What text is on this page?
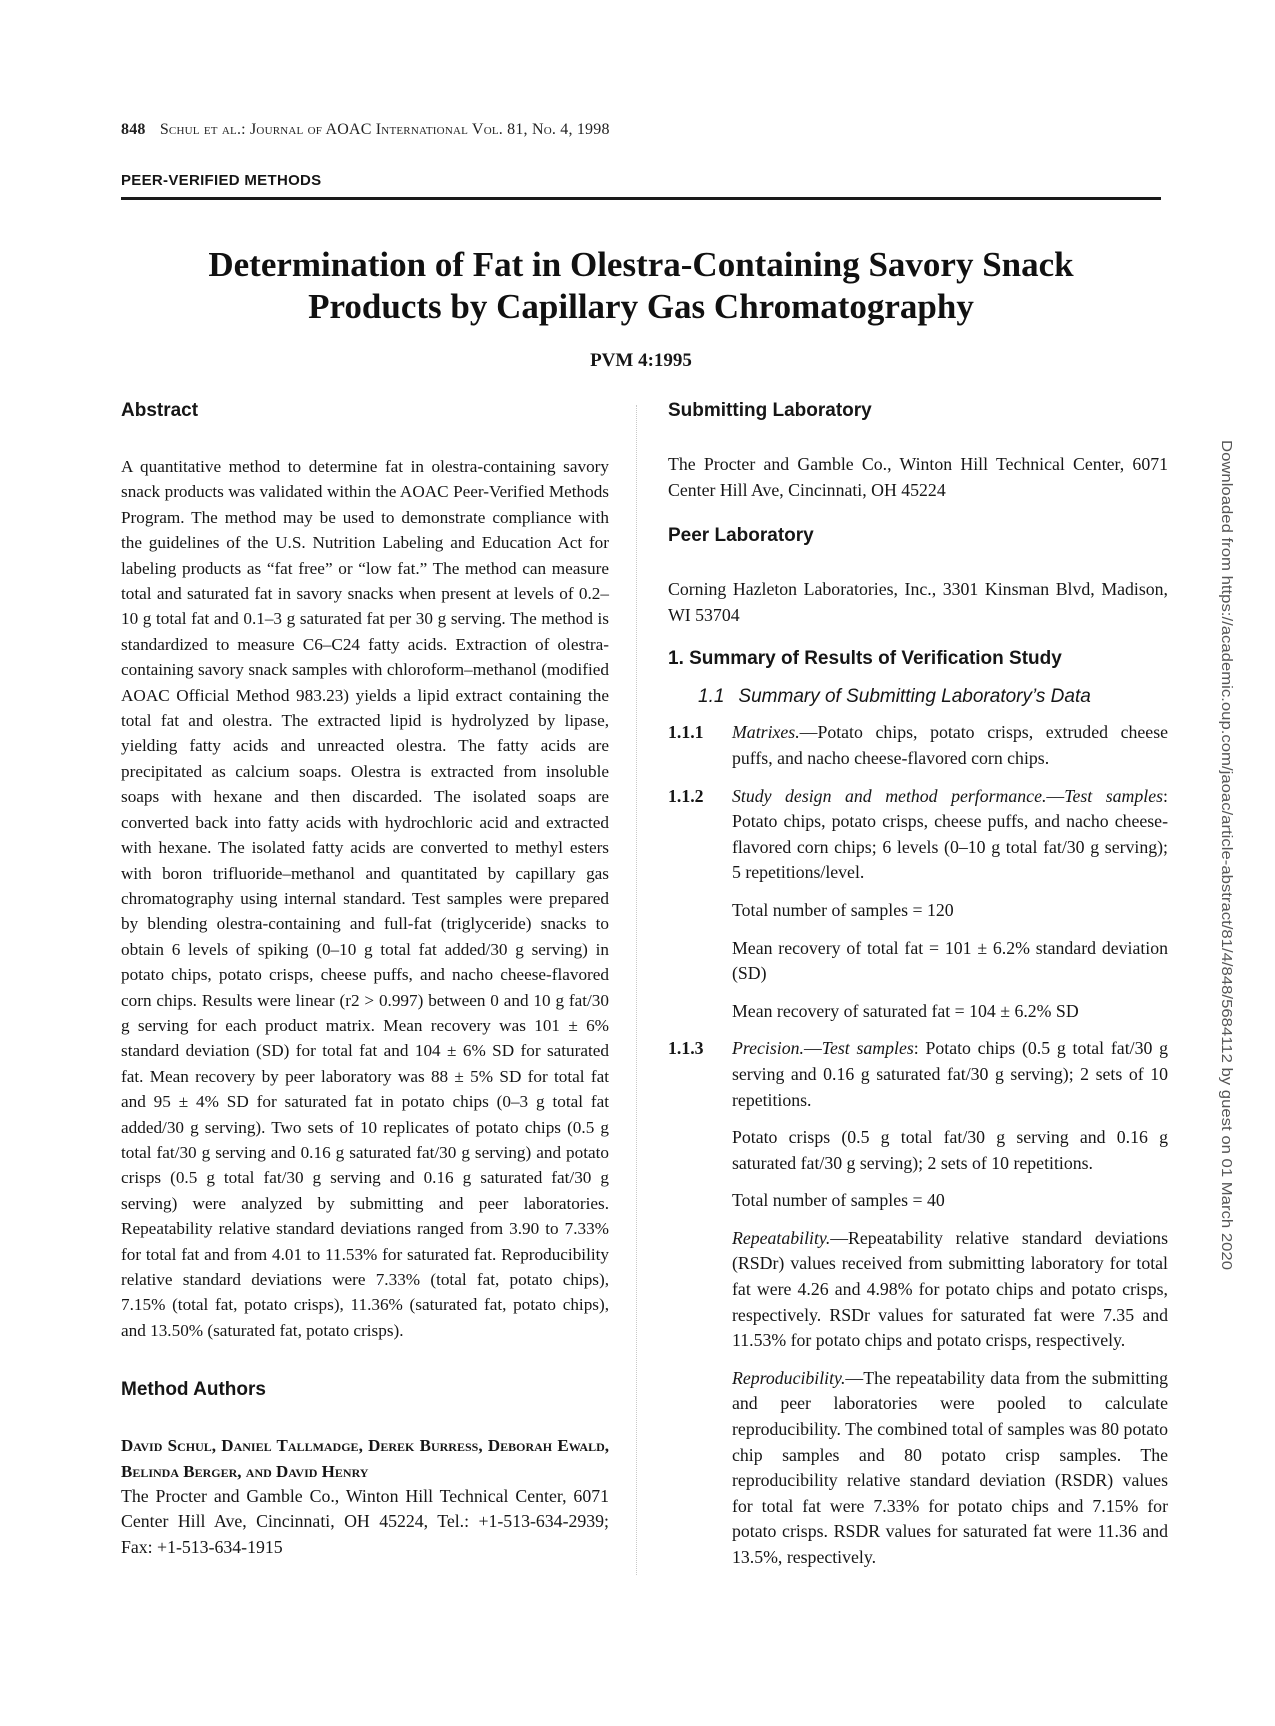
848 Schul et al.: Journal of AOAC International Vol. 81, No. 4, 1998
PEER-VERIFIED METHODS
Determination of Fat in Olestra-Containing Savory Snack
Products by Capillary Gas Chromatography
PVM 4:1995
Abstract

A quantitative method to determine fat in olestra-containing savory snack products was validated within the AOAC Peer-Verified Methods Program. The method may be used to demonstrate compliance with the guidelines of the U.S. Nutrition Labeling and Education Act for labeling products as “fat free” or “low fat.” The method can measure total and saturated fat in savory snacks when present at levels of 0.2–10 g total fat and 0.1–3 g saturated fat per 30 g serving. The method is standardized to measure C6–C24 fatty acids. Extraction of olestra-containing savory snack samples with chloroform–methanol (modified AOAC Official Method 983.23) yields a lipid extract containing the total fat and olestra. The extracted lipid is hydrolyzed by lipase, yielding fatty acids and unreacted olestra. The fatty acids are precipitated as calcium soaps. Olestra is extracted from insoluble soaps with hexane and then discarded. The isolated soaps are converted back into fatty acids with hydrochloric acid and extracted with hexane. The isolated fatty acids are converted to methyl esters with boron trifluoride–methanol and quantitated by capillary gas chromatography using internal standard. Test samples were prepared by blending olestra-containing and full-fat (triglyceride) snacks to obtain 6 levels of spiking (0–10 g total fat added/30 g serving) in potato chips, potato crisps, cheese puffs, and nacho cheese-flavored corn chips. Results were linear (r2 > 0.997) between 0 and 10 g fat/30 g serving for each product matrix. Mean recovery was 101 ± 6% standard deviation (SD) for total fat and 104 ± 6% SD for saturated fat. Mean recovery by peer laboratory was 88 ± 5% SD for total fat and 95 ± 4% SD for saturated fat in potato chips (0–3 g total fat added/30 g serving). Two sets of 10 replicates of potato chips (0.5 g total fat/30 g serving and 0.16 g saturated fat/30 g serving) and potato crisps (0.5 g total fat/30 g serving and 0.16 g saturated fat/30 g serving) were analyzed by submitting and peer laboratories. Repeatability relative standard deviations ranged from 3.90 to 7.33% for total fat and from 4.01 to 11.53% for saturated fat. Reproducibility relative standard deviations were 7.33% (total fat, potato chips), 7.15% (total fat, potato crisps), 11.36% (saturated fat, potato chips), and 13.50% (saturated fat, potato crisps).

Method Authors

David Schul, Daniel Tallmadge, Derek Burress, Deborah Ewald, Belinda Berger, and David Henry

The Procter and Gamble Co., Winton Hill Technical Center, 6071 Center Hill Ave, Cincinnati, OH 45224, Tel.: +1-513-634-2939; Fax: +1-513-634-1915

Submitting Laboratory

The Procter and Gamble Co., Winton Hill Technical Center, 6071 Center Hill Ave, Cincinnati, OH 45224

Peer Laboratory

Corning Hazleton Laboratories, Inc., 3301 Kinsman Blvd, Madison, WI 53704

1. Summary of Results of Verification Study
1.1 Summary of Submitting Laboratory’s Data
1.1.1 Matrixes.—Potato chips, potato crisps, extruded cheese puffs, and nacho cheese-flavored corn chips.

1.1.2 Study design and method performance.—Test samples: Potato chips, potato crisps, cheese puffs, and nacho cheese-flavored corn chips; 6 levels (0–10 g total fat/30 g serving); 5 repetitions/level.

Total number of samples = 120

Mean recovery of total fat = 101 ± 6.2% standard deviation (SD)

Mean recovery of saturated fat = 104 ± 6.2% SD

1.1.3 Precision.—Test samples: Potato chips (0.5 g total fat/30 g serving and 0.16 g saturated fat/30 g serving); 2 sets of 10 repetitions.

Potato crisps (0.5 g total fat/30 g serving and 0.16 g saturated fat/30 g serving); 2 sets of 10 repetitions.

Total number of samples = 40

Repeatability.—Repeatability relative standard deviations (RSDr) values received from submitting laboratory for total fat were 4.26 and 4.98% for potato chips and potato crisps, respectively. RSDr values for saturated fat were 7.35 and 11.53% for potato chips and potato crisps, respectively.

Reproducibility.—The repeatability data from the submitting and peer laboratories were pooled to calculate reproducibility. The combined total of samples was 80 potato chip samples and 80 potato crisp samples. The reproducibility relative standard deviation (RSDR) values for total fat were 7.33% for potato chips and 7.15% for potato crisps. RSDR values for saturated fat were 11.36 and 13.5%, respectively.

Downloaded from https://academic.oup.com/jaoac/article-abstract/81/4/848/5684112 by guest on 01 March 2020
